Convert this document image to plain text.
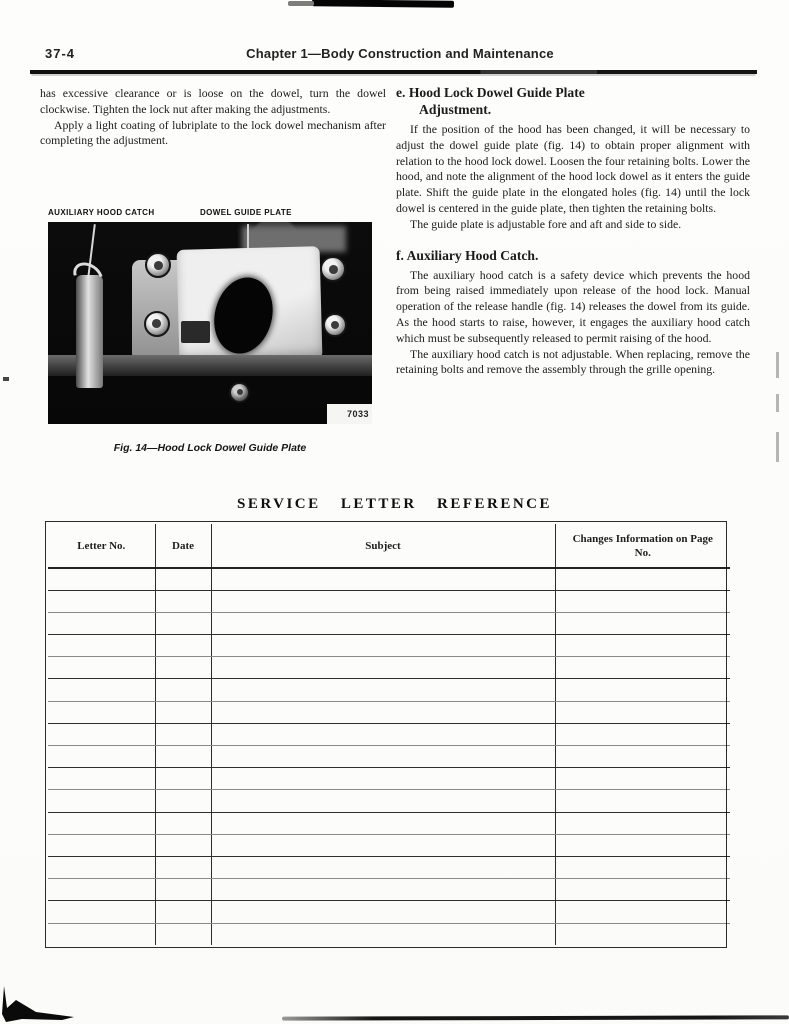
37-4	Chapter 1—Body Construction and Maintenance

has excessive clearance or is loose on the dowel, turn the dowel clockwise. Tighten the lock nut after making the adjustments.

Apply a light coating of lubriplate to the lock dowel mechanism after completing the adjustment.

AUXILIARY HOOD CATCH	DOWEL GUIDE PLATE
7033
Fig. 14—Hood Lock Dowel Guide Plate
e. Hood Lock Dowel Guide Plate
Adjustment.

If the position of the hood has been changed, it will be necessary to adjust the dowel guide plate (fig. 14) to obtain proper alignment with relation to the hood lock dowel. Loosen the four retaining bolts. Lower the hood, and note the alignment of the hood lock dowel as it enters the guide plate. Shift the guide plate in the elongated holes (fig. 14) until the lock dowel is centered in the guide plate, then tighten the retaining bolts.

The guide plate is adjustable fore and aft and side to side.

f. Auxiliary Hood Catch.

The auxiliary hood catch is a safety device which prevents the hood from being raised immediately upon release of the hood lock. Manual operation of the release handle (fig. 14) releases the dowel from its guide. As the hood starts to raise, however, it engages the auxiliary hood catch which must be subsequently released to permit raising of the hood.

The auxiliary hood catch is not adjustable. When replacing, remove the retaining bolts and remove the assembly through the grille opening.

SERVICE LETTER REFERENCE
Letter No.	Date	Subject	Changes Information on Page No.
